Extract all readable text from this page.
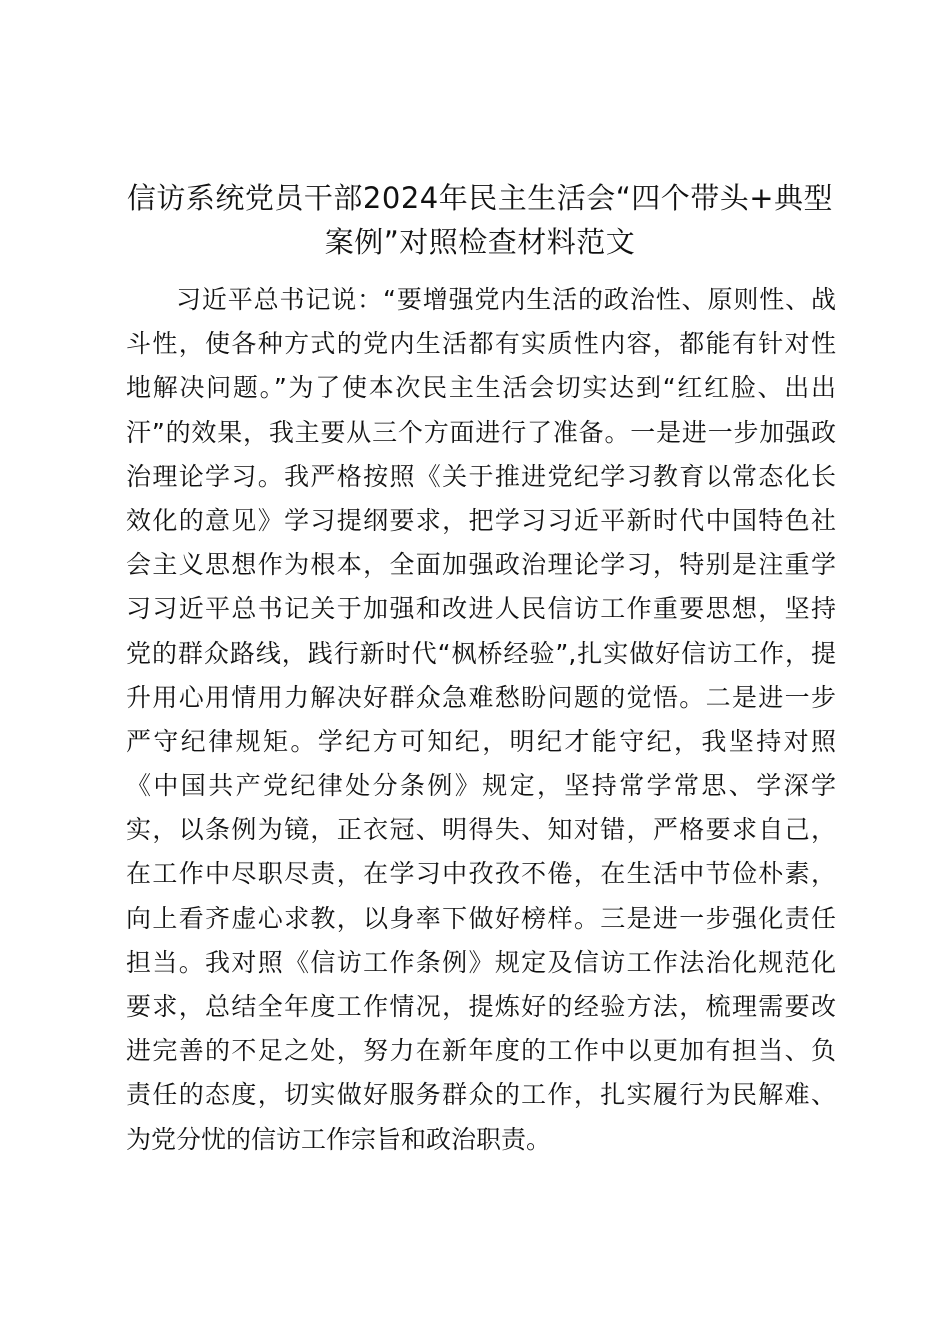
信访系统党员干部2024年民主生活会“四个带头+典型
案例”对照检查材料范文
习近平总书记说：“要增强党内生活的政治性、原则性、战
斗性，使各种方式的党内生活都有实质性内容，都能有针对性
地解决问题。”为了使本次民主生活会切实达到“红红脸、出出
汗”的效果，我主要从三个方面进行了准备。一是进一步加强政
治理论学习。我严格按照《关于推进党纪学习教育以常态化长
效化的意见》学习提纲要求，把学习习近平新时代中国特色社
会主义思想作为根本，全面加强政治理论学习，特别是注重学
习习近平总书记关于加强和改进人民信访工作重要思想，坚持
党的群众路线，践行新时代“枫桥经验”,扎实做好信访工作，提
升用心用情用力解决好群众急难愁盼问题的觉悟。二是进一步
严守纪律规矩。学纪方可知纪，明纪才能守纪，我坚持对照
《中国共产党纪律处分条例》规定，坚持常学常思、学深学
实，以条例为镜，正衣冠、明得失、知对错，严格要求自己，
在工作中尽职尽责，在学习中孜孜不倦，在生活中节俭朴素，
向上看齐虚心求教，以身率下做好榜样。三是进一步强化责任
担当。我对照《信访工作条例》规定及信访工作法治化规范化
要求，总结全年度工作情况，提炼好的经验方法，梳理需要改
进完善的不足之处，努力在新年度的工作中以更加有担当、负
责任的态度，切实做好服务群众的工作，扎实履行为民解难、
为党分忧的信访工作宗旨和政治职责。
